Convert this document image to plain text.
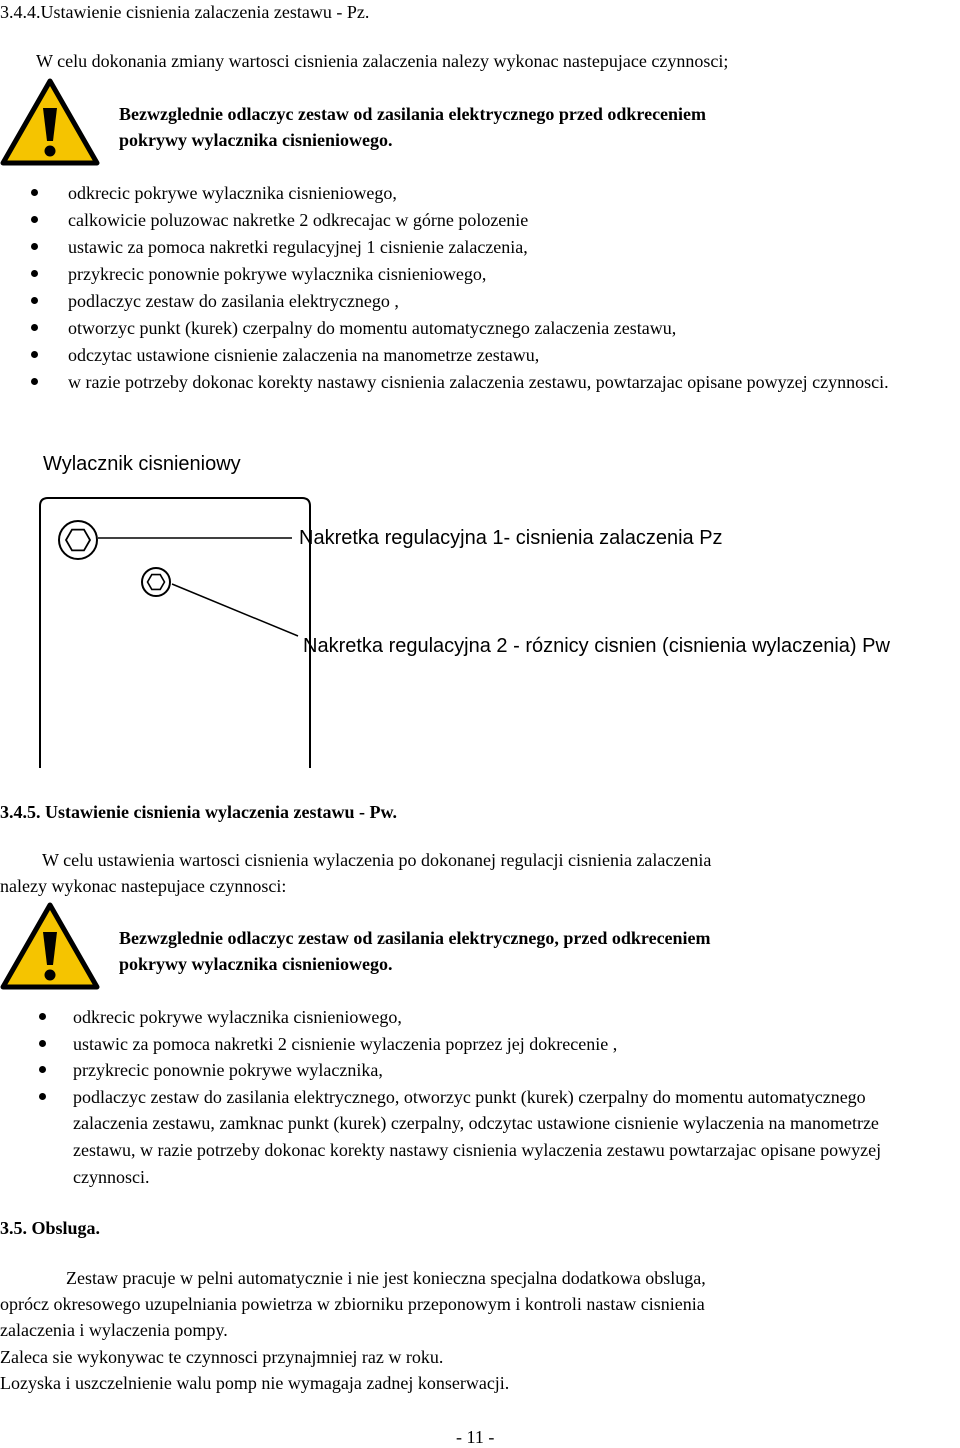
3.4.4.Ustawienie cisnienia zalaczenia zestawu - Pz.
W celu dokonania zmiany wartosci cisnienia zalaczenia nalezy wykonac nastepujace czynnosci;
Bezwzglednie odlaczyc zestaw od zasilania elektrycznego przed odkreceniem
pokrywy wylacznika cisnieniowego.
odkrecic pokrywe wylacznika cisnieniowego,
calkowicie poluzowac nakretke 2 odkrecajac w górne polozenie
ustawic za pomoca nakretki regulacyjnej 1 cisnienie zalaczenia,
przykrecic ponownie pokrywe wylacznika cisnieniowego,
podlaczyc zestaw do zasilania elektrycznego ,
otworzyc punkt (kurek) czerpalny do momentu automatycznego zalaczenia zestawu,
odczytac ustawione cisnienie zalaczenia na manometrze zestawu,
w razie potrzeby dokonac korekty nastawy cisnienia zalaczenia zestawu, powtarzajac opisane powyzej czynnosci.
Wylacznik cisnieniowy
Nakretka regulacyjna 1- cisnienia zalaczenia Pz
Nakretka regulacyjna 2 - róznicy cisnien (cisnienia wylaczenia) Pw
3.4.5. Ustawienie cisnienia wylaczenia zestawu - Pw.
W celu ustawienia wartosci cisnienia wylaczenia po dokonanej regulacji cisnienia zalaczenia
nalezy wykonac nastepujace czynnosci:
Bezwzglednie odlaczyc zestaw od zasilania elektrycznego, przed odkreceniem
pokrywy wylacznika cisnieniowego.
odkrecic pokrywe wylacznika cisnieniowego,
ustawic za pomoca nakretki 2 cisnienie wylaczenia poprzez jej dokrecenie ,
przykrecic ponownie pokrywe wylacznika,
podlaczyc zestaw do zasilania elektrycznego, otworzyc punkt (kurek) czerpalny do momentu automatycznego zalaczenia zestawu, zamknac punkt (kurek) czerpalny, odczytac ustawione cisnienie wylaczenia na manometrze zestawu, w razie potrzeby dokonac korekty nastawy cisnienia wylaczenia zestawu powtarzajac opisane powyzej czynnosci.
3.5. Obsluga.
Zestaw pracuje w pelni automatycznie i nie jest konieczna specjalna dodatkowa obsluga,
oprócz okresowego uzupelniania powietrza w zbiorniku przeponowym i kontroli nastaw cisnienia
zalaczenia i wylaczenia pompy.
Zaleca sie wykonywac te czynnosci przynajmniej raz w roku.
Lozyska i uszczelnienie walu pomp nie wymagaja zadnej konserwacji.
- 11 -
